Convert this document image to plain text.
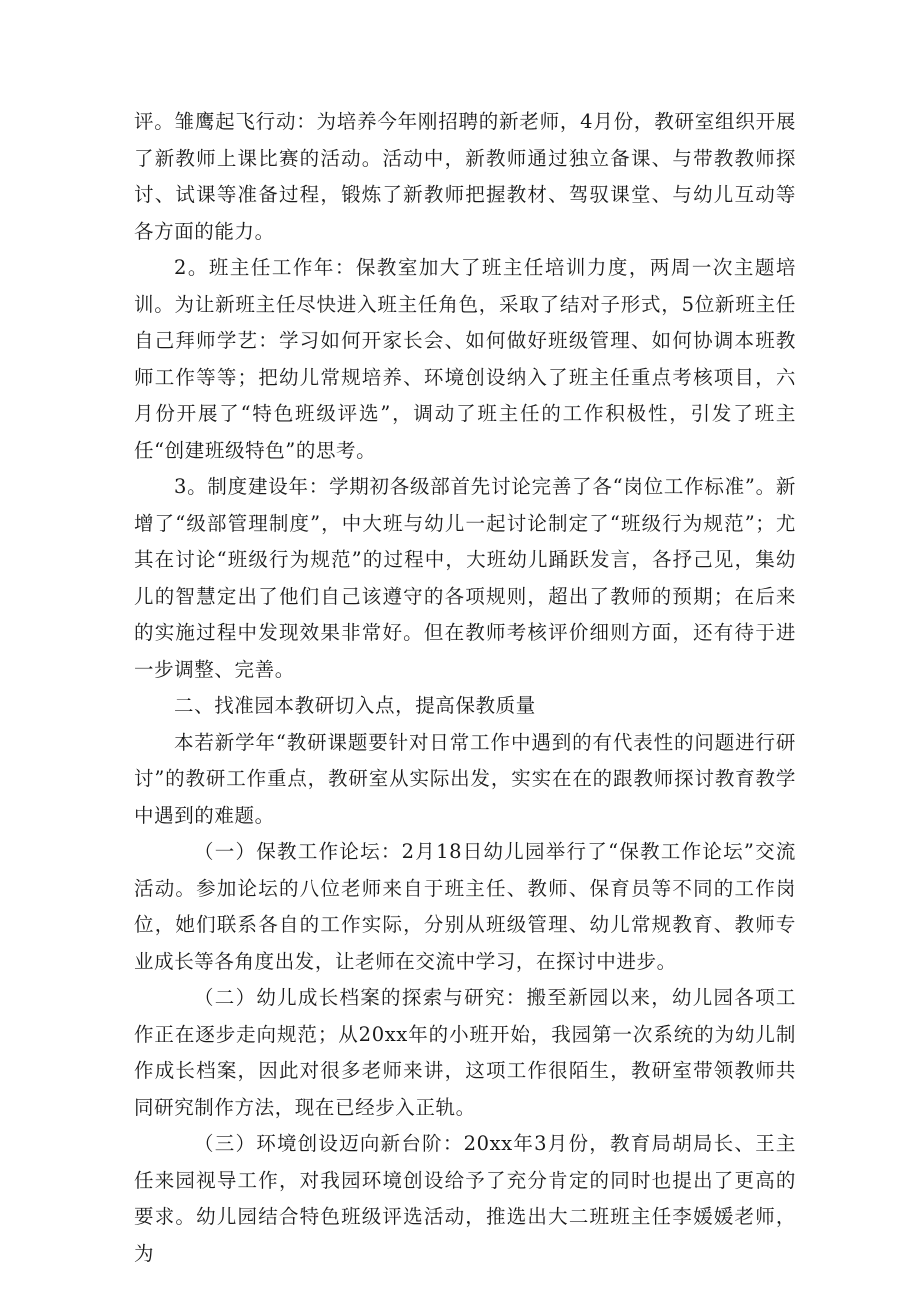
评。雏鹰起飞行动：为培养今年刚招聘的新老师，4月份，教研室组织开展了新教师上课比赛的活动。活动中，新教师通过独立备课、与带教教师探讨、试课等准备过程，锻炼了新教师把握教材、驾驭课堂、与幼儿互动等各方面的能力。

2。班主任工作年：保教室加大了班主任培训力度，两周一次主题培训。为让新班主任尽快进入班主任角色，采取了结对子形式，5位新班主任自己拜师学艺：学习如何开家长会、如何做好班级管理、如何协调本班教师工作等等；把幼儿常规培养、环境创设纳入了班主任重点考核项目，六月份开展了“特色班级评选”，调动了班主任的工作积极性，引发了班主任“创建班级特色”的思考。

3。制度建设年：学期初各级部首先讨论完善了各“岗位工作标准”。新增了“级部管理制度”，中大班与幼儿一起讨论制定了“班级行为规范”；尤其在讨论“班级行为规范”的过程中，大班幼儿踊跃发言，各抒己见，集幼儿的智慧定出了他们自己该遵守的各项规则，超出了教师的预期；在后来的实施过程中发现效果非常好。但在教师考核评价细则方面，还有待于进一步调整、完善。

二、找准园本教研切入点，提高保教质量

本若新学年“教研课题要针对日常工作中遇到的有代表性的问题进行研讨”的教研工作重点，教研室从实际出发，实实在在的跟教师探讨教育教学中遇到的难题。

（一）保教工作论坛：2月18日幼儿园举行了“保教工作论坛”交流活动。参加论坛的八位老师来自于班主任、教师、保育员等不同的工作岗位，她们联系各自的工作实际，分别从班级管理、幼儿常规教育、教师专业成长等各角度出发，让老师在交流中学习，在探讨中进步。

（二）幼儿成长档案的探索与研究：搬至新园以来，幼儿园各项工作正在逐步走向规范；从20xx年的小班开始，我园第一次系统的为幼儿制作成长档案，因此对很多老师来讲，这项工作很陌生，教研室带领教师共同研究制作方法，现在已经步入正轨。

（三）环境创设迈向新台阶：20xx年3月份，教育局胡局长、王主任来园视导工作，对我园环境创设给予了充分肯定的同时也提出了更高的要求。幼儿园结合特色班级评选活动，推选出大二班班主任李媛媛老师，为
